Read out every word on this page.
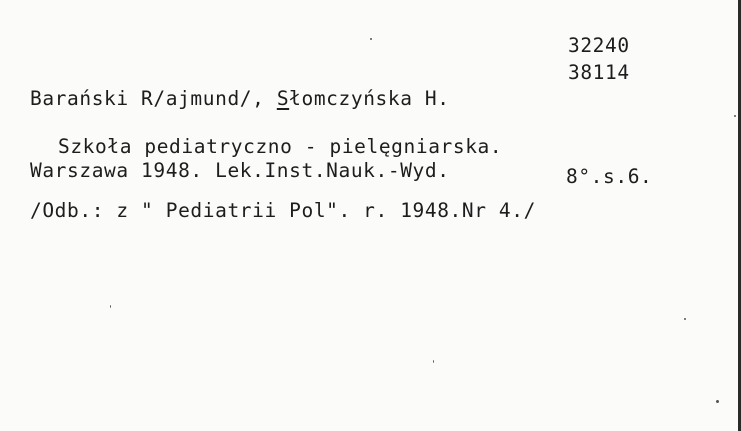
32240
38114
Barański R/ajmund/, Słomczyńska H.
Szkoła pediatryczno - pielęgniarska.
Warszawa 1948. Lek.Inst.Nauk.-Wyd.	8°.s.6.
/Odb.: z " Pediatrii Pol". r. 1948.Nr 4./
